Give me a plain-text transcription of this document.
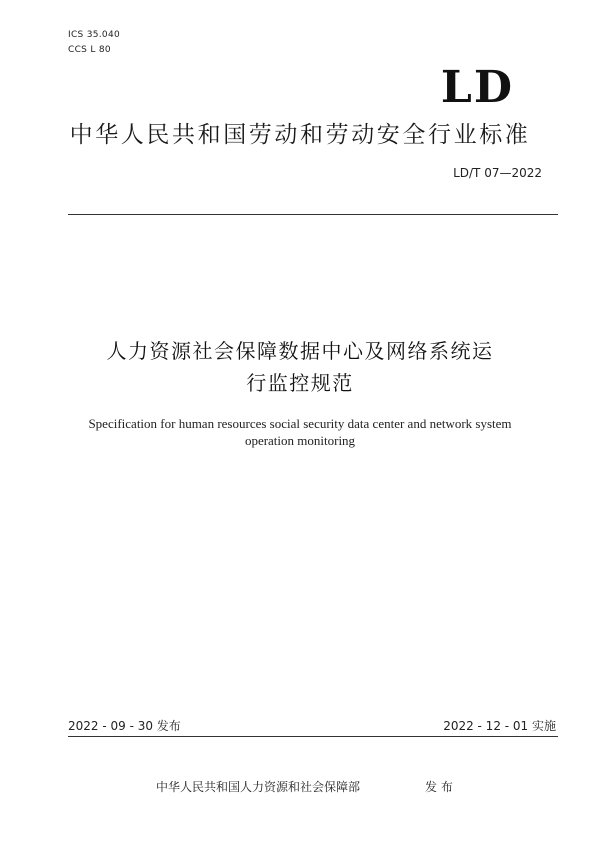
ICS 35.040
CCS L 80
LD
中华人民共和国劳动和劳动安全行业标准
LD/T 07—2022
人力资源社会保障数据中心及网络系统运
行监控规范
Specification for human resources social security data center and network system
operation monitoring
2022 - 09 - 30 发布	2022 - 12 - 01 实施
中华人民共和国人力资源和社会保障部	发 布
